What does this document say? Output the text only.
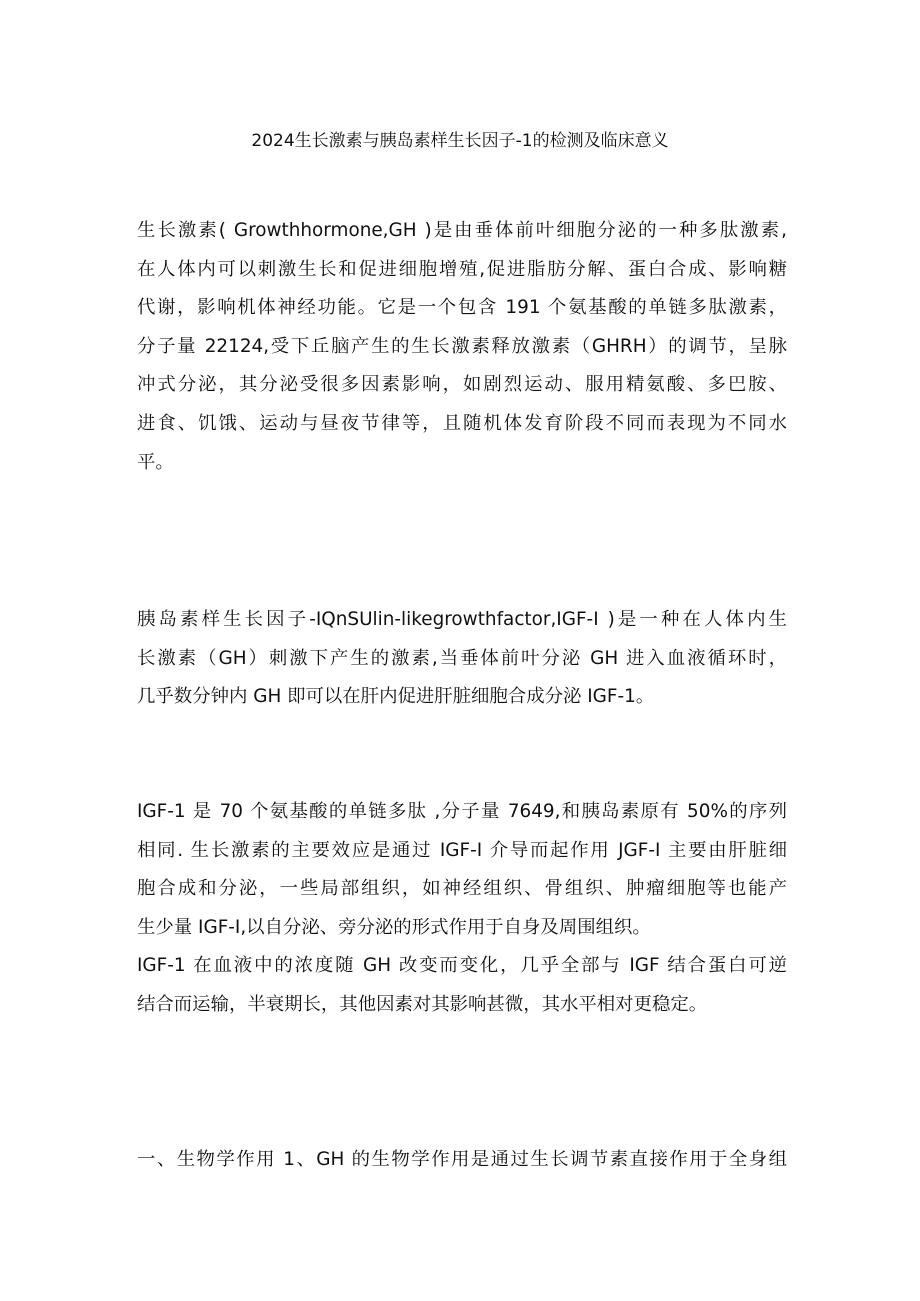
2024生长激素与胰岛素样生长因子-1的检测及临床意义
生长激素( Growthhormone,GH )是由垂体前叶细胞分泌的一种多肽激素,
在人体内可以刺激生长和促进细胞增殖,促进脂肪分解、蛋白合成、影响糖
代谢，影响机体神经功能。它是一个包含 191 个氨基酸的单链多肽激素，
分子量 22124,受下丘脑产生的生长激素释放激素（GHRH）的调节，呈脉
冲式分泌，其分泌受很多因素影响，如剧烈运动、服用精氨酸、多巴胺、
进食、饥饿、运动与昼夜节律等，且随机体发育阶段不同而表现为不同水
平。
胰岛素样生长因子-IQnSUlin-likegrowthfactor,IGF-I )是一种在人体内生
长激素（GH）刺激下产生的激素,当垂体前叶分泌 GH 进入血液循环时，
几乎数分钟内 GH 即可以在肝内促进肝脏细胞合成分泌 IGF-1。
IGF-1 是 70 个氨基酸的单链多肽 ,分子量 7649,和胰岛素原有 50%的序列
相同. 生长激素的主要效应是通过 IGF-I 介导而起作用 JGF-I 主要由肝脏细
胞合成和分泌，一些局部组织，如神经组织、骨组织、肿瘤细胞等也能产
生少量 IGF-I,以自分泌、旁分泌的形式作用于自身及周围组织。
IGF-1 在血液中的浓度随 GH 改变而变化，几乎全部与 IGF 结合蛋白可逆
结合而运输，半衰期长，其他因素对其影响甚微，其水平相对更稳定。
一、生物学作用 1、GH 的生物学作用是通过生长调节素直接作用于全身组
